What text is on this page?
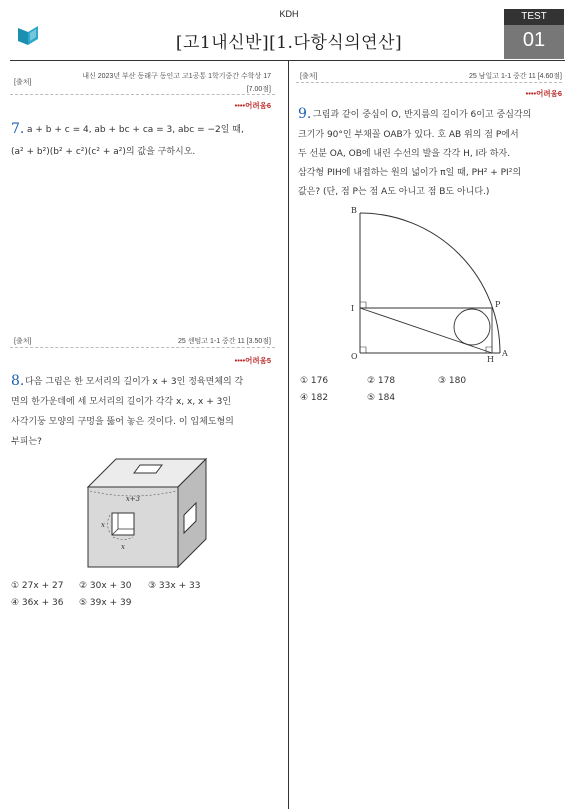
KDH
[고1내신반][1.다항식의연산]
TEST
01
[출처]
내신 2023년 부산 동래구 동인고 고1공통 1학기중간 수학상 17
[7.00점]
••••어려움6
7. a + b + c = 4, ab + bc + ca = 3, abc = −2일 때,
(a² + b²)(b² + c²)(c² + a²)의 값을 구하시오.
[출처]	25 센텀고 1-1 중간 11 [3.50점]
••••어려움5
8. 다음 그림은 한 모서리의 길이가 x + 3인 정육면체의 각
면의 한가운데에 세 모서리의 길이가 각각 x, x, x + 3인
사각기둥 모양의 구멍을 뚫어 놓은 것이다. 이 입체도형의
부피는?
x+3
x
x
① 27x + 27 ② 30x + 30 ③ 33x + 33
④ 36x + 36 ⑤ 39x + 39
[출처]	25 남일고 1-1 중간 11 [4.60점]
••••어려움6
9. 그림과 같이 중심이 O, 반지름의 길이가 6이고 중심각의
크기가 90°인 부채꼴 OAB가 있다. 호 AB 위의 점 P에서
두 선분 OA, OB에 내린 수선의 발을 각각 H, I라 하자.
삼각형 PIH에 내접하는 원의 넓이가 π일 때, PH² + PI²의
값은? (단, 점 P는 점 A도 아니고 점 B도 아니다.)
B
I
O
P
H
A
① 176	② 178	③ 180
④ 182	⑤ 184
